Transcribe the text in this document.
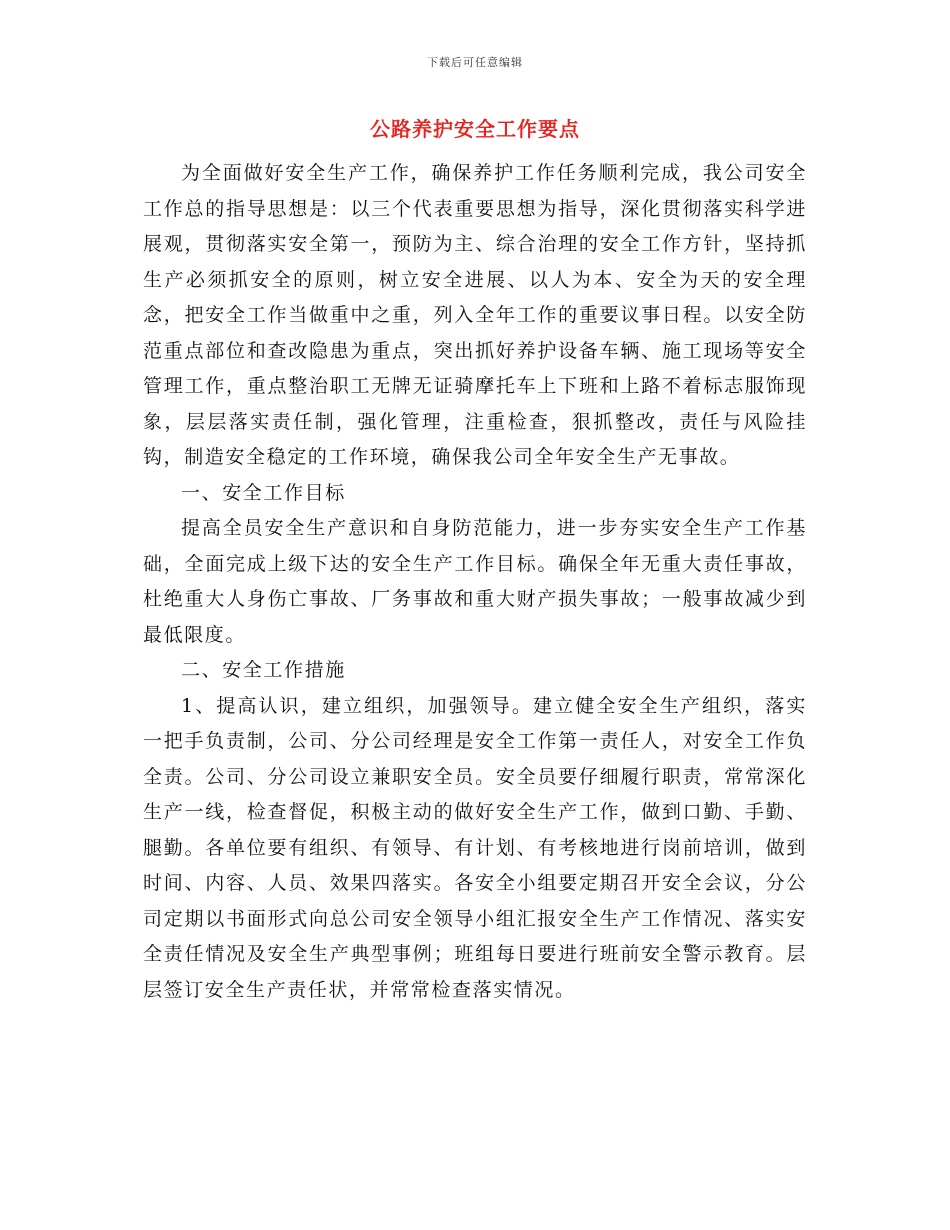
下载后可任意编辑
公路养护安全工作要点

为全面做好安全生产工作，确保养护工作任务顺利完成，我公司安全工作总的指导思想是：以三个代表重要思想为指导，深化贯彻落实科学进展观，贯彻落实安全第一，预防为主、综合治理的安全工作方针，坚持抓生产必须抓安全的原则，树立安全进展、以人为本、安全为天的安全理念，把安全工作当做重中之重，列入全年工作的重要议事日程。以安全防范重点部位和查改隐患为重点，突出抓好养护设备车辆、施工现场等安全管理工作，重点整治职工无牌无证骑摩托车上下班和上路不着标志服饰现象，层层落实责任制，强化管理，注重检查，狠抓整改，责任与风险挂钩，制造安全稳定的工作环境，确保我公司全年安全生产无事故。

一、安全工作目标

提高全员安全生产意识和自身防范能力，进一步夯实安全生产工作基础，全面完成上级下达的安全生产工作目标。确保全年无重大责任事故，杜绝重大人身伤亡事故、厂务事故和重大财产损失事故；一般事故减少到最低限度。

二、安全工作措施

1、提高认识，建立组织，加强领导。建立健全安全生产组织，落实一把手负责制，公司、分公司经理是安全工作第一责任人，对安全工作负全责。公司、分公司设立兼职安全员。安全员要仔细履行职责，常常深化生产一线，检查督促，积极主动的做好安全生产工作，做到口勤、手勤、腿勤。各单位要有组织、有领导、有计划、有考核地进行岗前培训，做到时间、内容、人员、效果四落实。各安全小组要定期召开安全会议，分公司定期以书面形式向总公司安全领导小组汇报安全生产工作情况、落实安全责任情况及安全生产典型事例；班组每日要进行班前安全警示教育。层层签订安全生产责任状，并常常检查落实情况。
